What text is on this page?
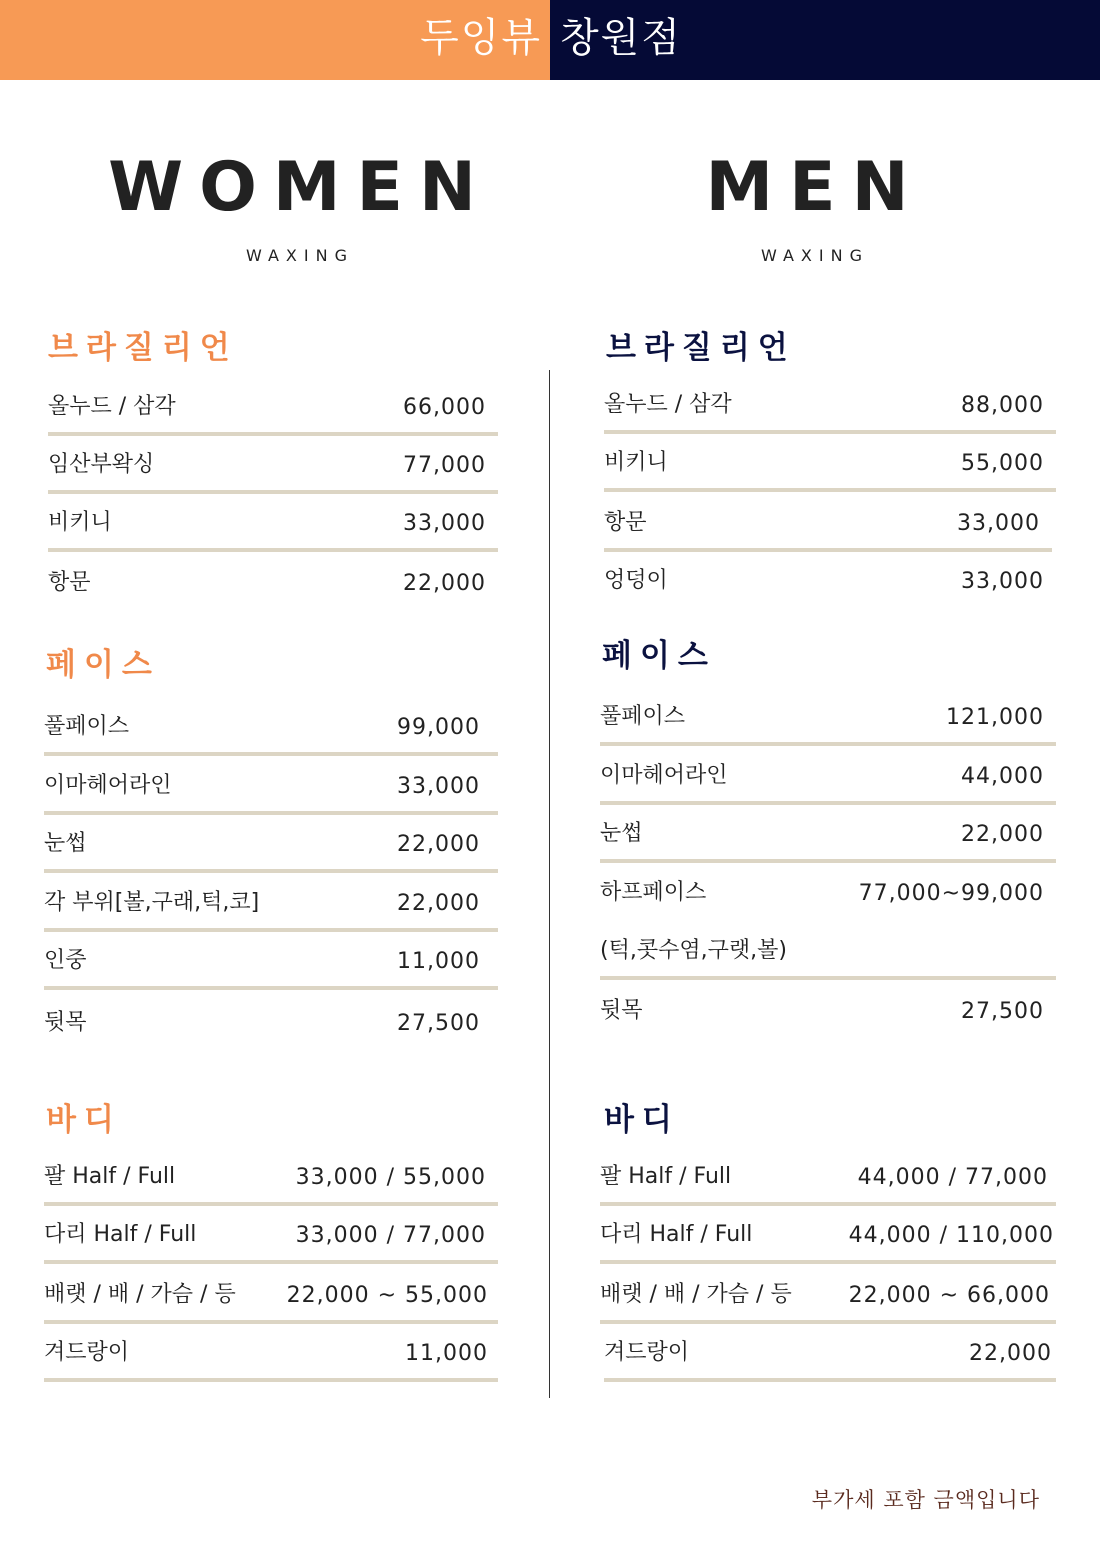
두잉뷰 창원점
WOMEN
WAXING
MEN
WAXING
브라질리언
올누드 / 삼각	66,000
임산부왁싱	77,000
비키니	33,000
항문	22,000
페이스
풀페이스	99,000
이마헤어라인	33,000
눈썹	22,000
각 부위[볼,구래,턱,코]	22,000
인중	11,000
뒷목	27,500
바디
팔 Half / Full	33,000 / 55,000
다리 Half / Full	33,000 / 77,000
배랫 / 배 / 가슴 / 등 22,000 ~ 55,000
겨드랑이	11,000
브라질리언
올누드 / 삼각	88,000
비키니	55,000
항문	33,000
엉덩이	33,000
페이스
풀페이스	121,000
이마헤어라인	44,000
눈썹	22,000
하프페이스	77,000~99,000
(턱,콧수염,구랫,볼)
뒷목	27,500
바디
팔 Half / Full	44,000 / 77,000
다리 Half / Full	44,000 / 110,000
배랫 / 배 / 가슴 / 등	22,000 ~ 66,000
겨드랑이	22,000
부가세 포함 금액입니다
